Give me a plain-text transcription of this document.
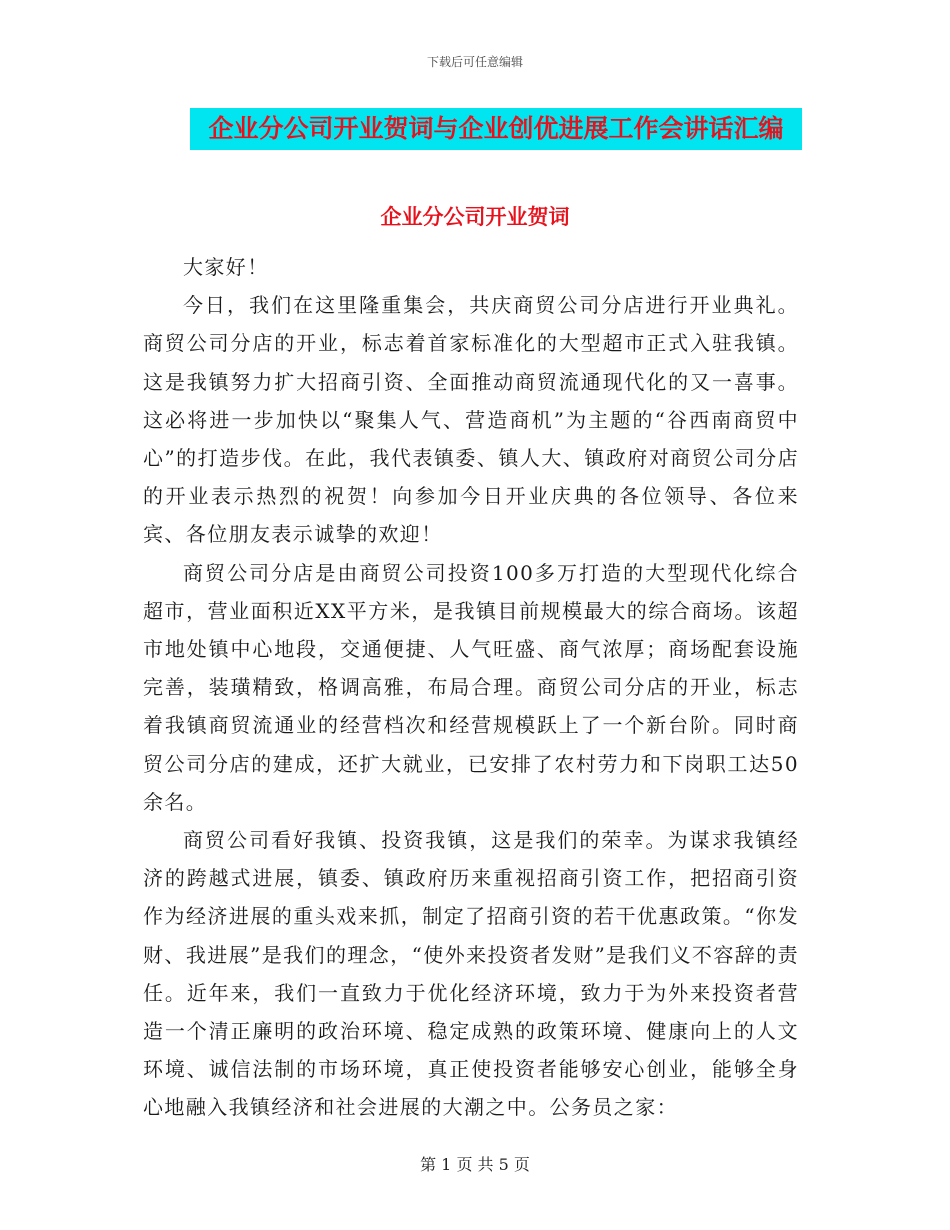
下载后可任意编辑
企业分公司开业贺词与企业创优进展工作会讲话汇编
企业分公司开业贺词

大家好！

今日，我们在这里隆重集会，共庆商贸公司分店进行开业典礼。商贸公司分店的开业，标志着首家标准化的大型超市正式入驻我镇。这是我镇努力扩大招商引资、全面推动商贸流通现代化的又一喜事。这必将进一步加快以“聚集人气、营造商机”为主题的“谷西南商贸中心”的打造步伐。在此，我代表镇委、镇人大、镇政府对商贸公司分店的开业表示热烈的祝贺！向参加今日开业庆典的各位领导、各位来宾、各位朋友表示诚挚的欢迎！

商贸公司分店是由商贸公司投资100多万打造的大型现代化综合超市，营业面积近XX平方米，是我镇目前规模最大的综合商场。该超市地处镇中心地段，交通便捷、人气旺盛、商气浓厚；商场配套设施完善，装璜精致，格调高雅，布局合理。商贸公司分店的开业，标志着我镇商贸流通业的经营档次和经营规模跃上了一个新台阶。同时商贸公司分店的建成，还扩大就业，已安排了农村劳力和下岗职工达50余名。

商贸公司看好我镇、投资我镇，这是我们的荣幸。为谋求我镇经济的跨越式进展，镇委、镇政府历来重视招商引资工作，把招商引资作为经济进展的重头戏来抓，制定了招商引资的若干优惠政策。“你发财、我进展”是我们的理念，“使外来投资者发财”是我们义不容辞的责任。近年来，我们一直致力于优化经济环境，致力于为外来投资者营造一个清正廉明的政治环境、稳定成熟的政策环境、健康向上的人文环境、诚信法制的市场环境，真正使投资者能够安心创业，能够全身心地融入我镇经济和社会进展的大潮之中。公务员之家：

第 1 页 共 5 页
